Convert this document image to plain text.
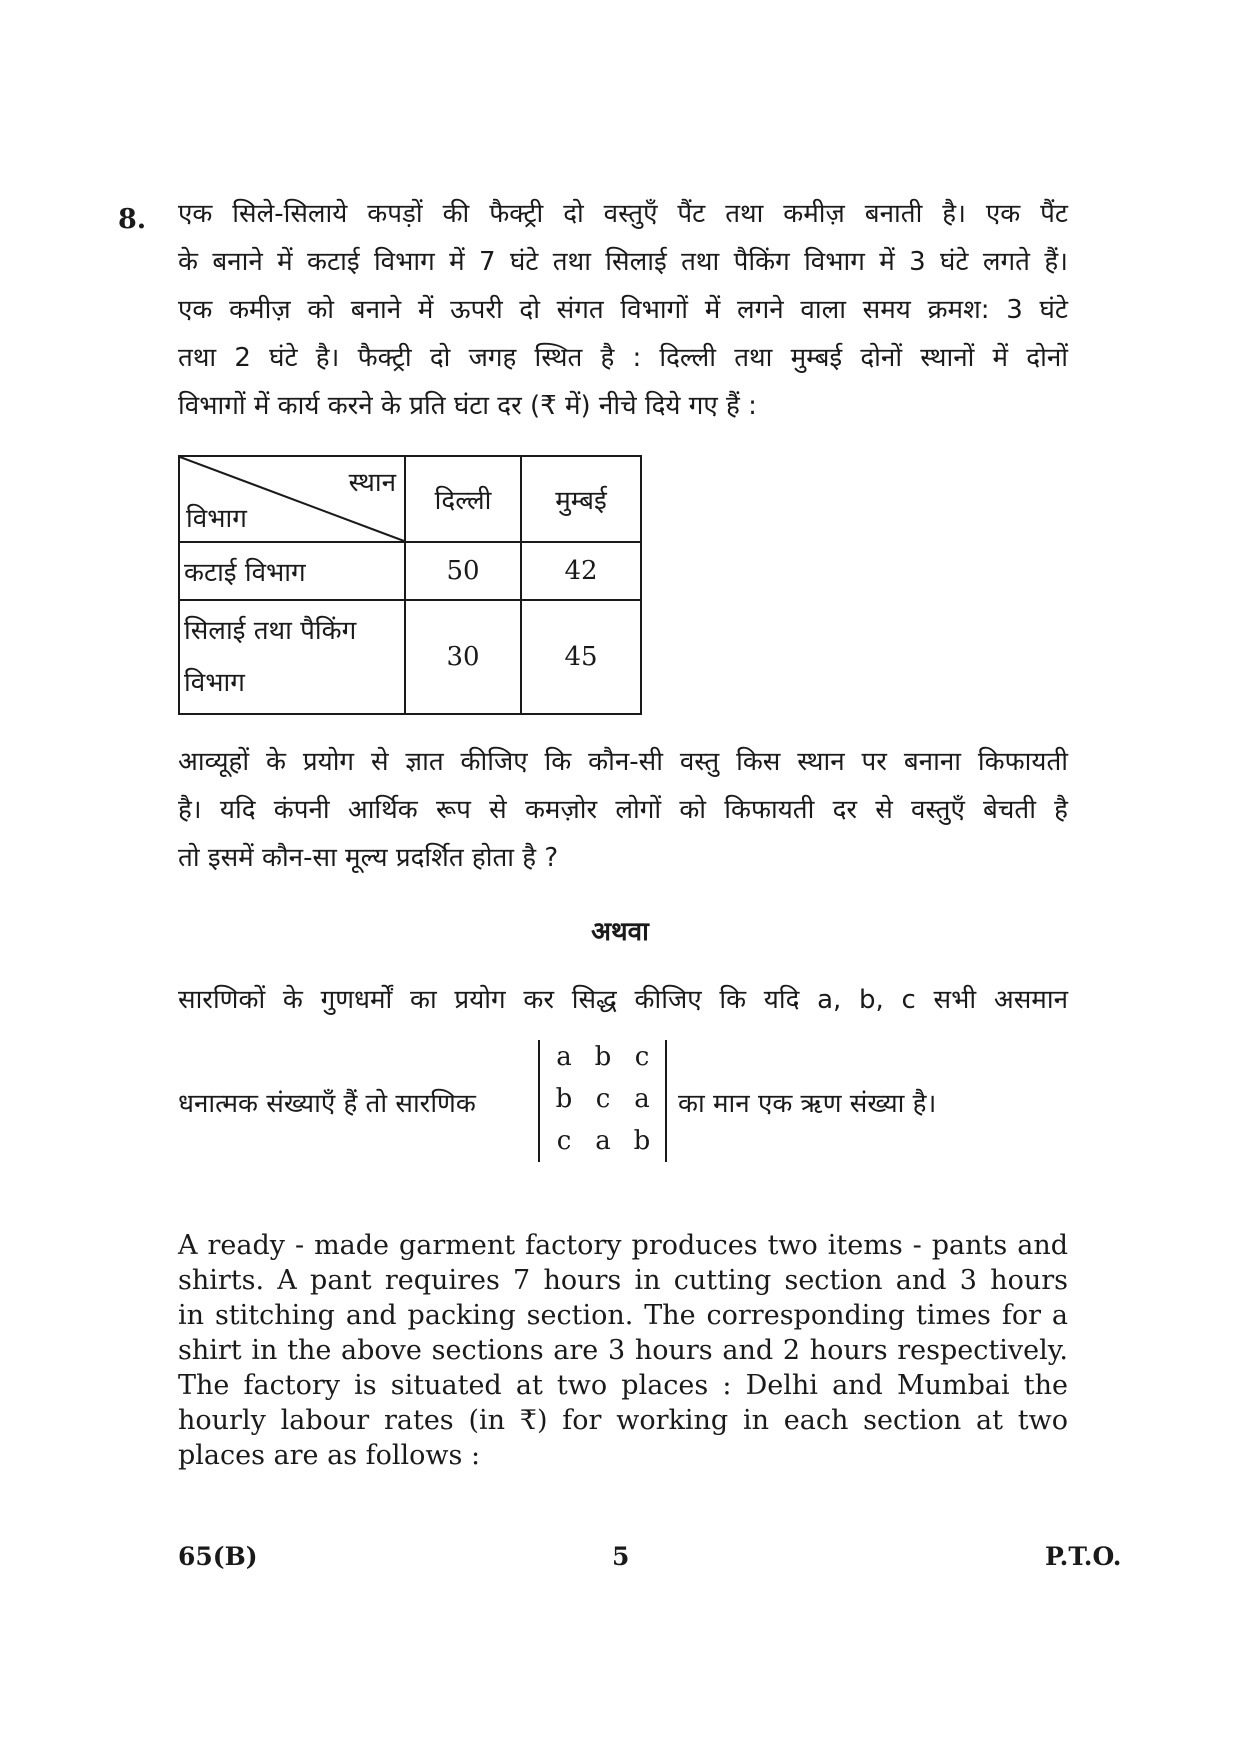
8. एक सिले-सिलाये कपड़ों की फैक्ट्री दो वस्तुएँ पैंट तथा कमीज़ बनाती है। एक पैंट
के बनाने में कटाई विभाग में 7 घंटे तथा सिलाई तथा पैकिंग विभाग में 3 घंटे लगते हैं।
एक कमीज़ को बनाने में ऊपरी दो संगत विभागों में लगने वाला समय क्रमश: 3 घंटे
तथा 2 घंटे है। फैक्ट्री दो जगह स्थित है : दिल्ली तथा मुम्बई दोनों स्थानों में दोनों
विभागों में कार्य करने के प्रति घंटा दर (₹ में) नीचे दिये गए हैं :
स्थान
विभाग	दिल्ली	मुम्बई
कटाई विभाग	50	42

सिलाई तथा पैकिंग
विभाग	30	45
आव्यूहों के प्रयोग से ज्ञात कीजिए कि कौन-सी वस्तु किस स्थान पर बनाना किफायती
है। यदि कंपनी आर्थिक रूप से कमज़ोर लोगों को किफायती दर से वस्तुएँ बेचती है
तो इसमें कौन-सा मूल्य प्रदर्शित होता है ?
अथवा
सारणिकों के गुणधर्मों का प्रयोग कर सिद्ध कीजिए कि यदि a, b, c सभी असमान
धनात्मक संख्याएँ हैं तो सारणिक
a b c
b c a
c a b
का मान एक ऋण संख्या है।
A ready - made garment factory produces two items - pants and
shirts. A pant requires 7 hours in cutting section and 3 hours
in stitching and packing section. The corresponding times for a
shirt in the above sections are 3 hours and 2 hours respectively.
The factory is situated at two places : Delhi and Mumbai the
hourly labour rates (in ₹) for working in each section at two
places are as follows :
65(B)	5	P.T.O.
